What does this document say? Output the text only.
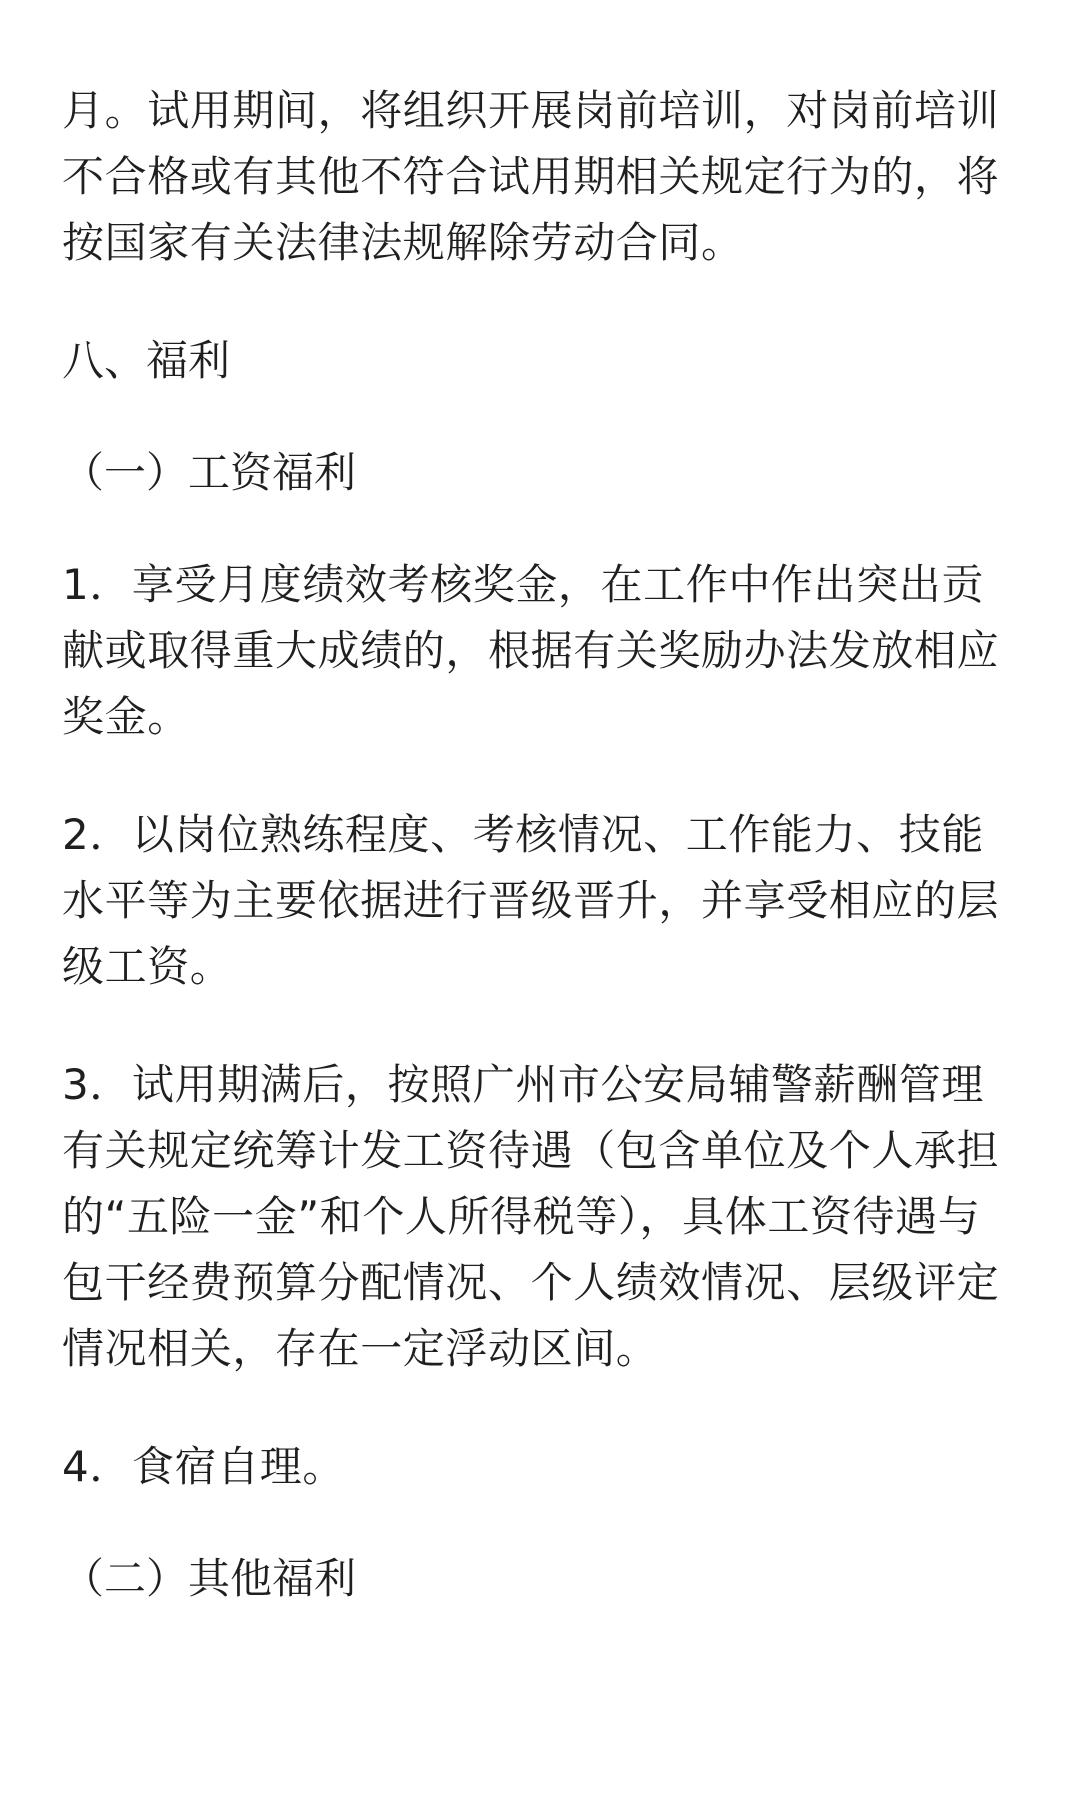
月。试用期间，将组织开展岗前培训，对岗前培训
不合格或有其他不符合试用期相关规定行为的，将
按国家有关法律法规解除劳动合同。
八、福利
（一）工资福利
1．享受月度绩效考核奖金，在工作中作出突出贡
献或取得重大成绩的，根据有关奖励办法发放相应
奖金。
2．以岗位熟练程度、考核情况、工作能力、技能
水平等为主要依据进行晋级晋升，并享受相应的层
级工资。
3．试用期满后，按照广州市公安局辅警薪酬管理
有关规定统筹计发工资待遇（包含单位及个人承担
的“五险一金”和个人所得税等），具体工资待遇与
包干经费预算分配情况、个人绩效情况、层级评定
情况相关，存在一定浮动区间。
4．食宿自理。
（二）其他福利
